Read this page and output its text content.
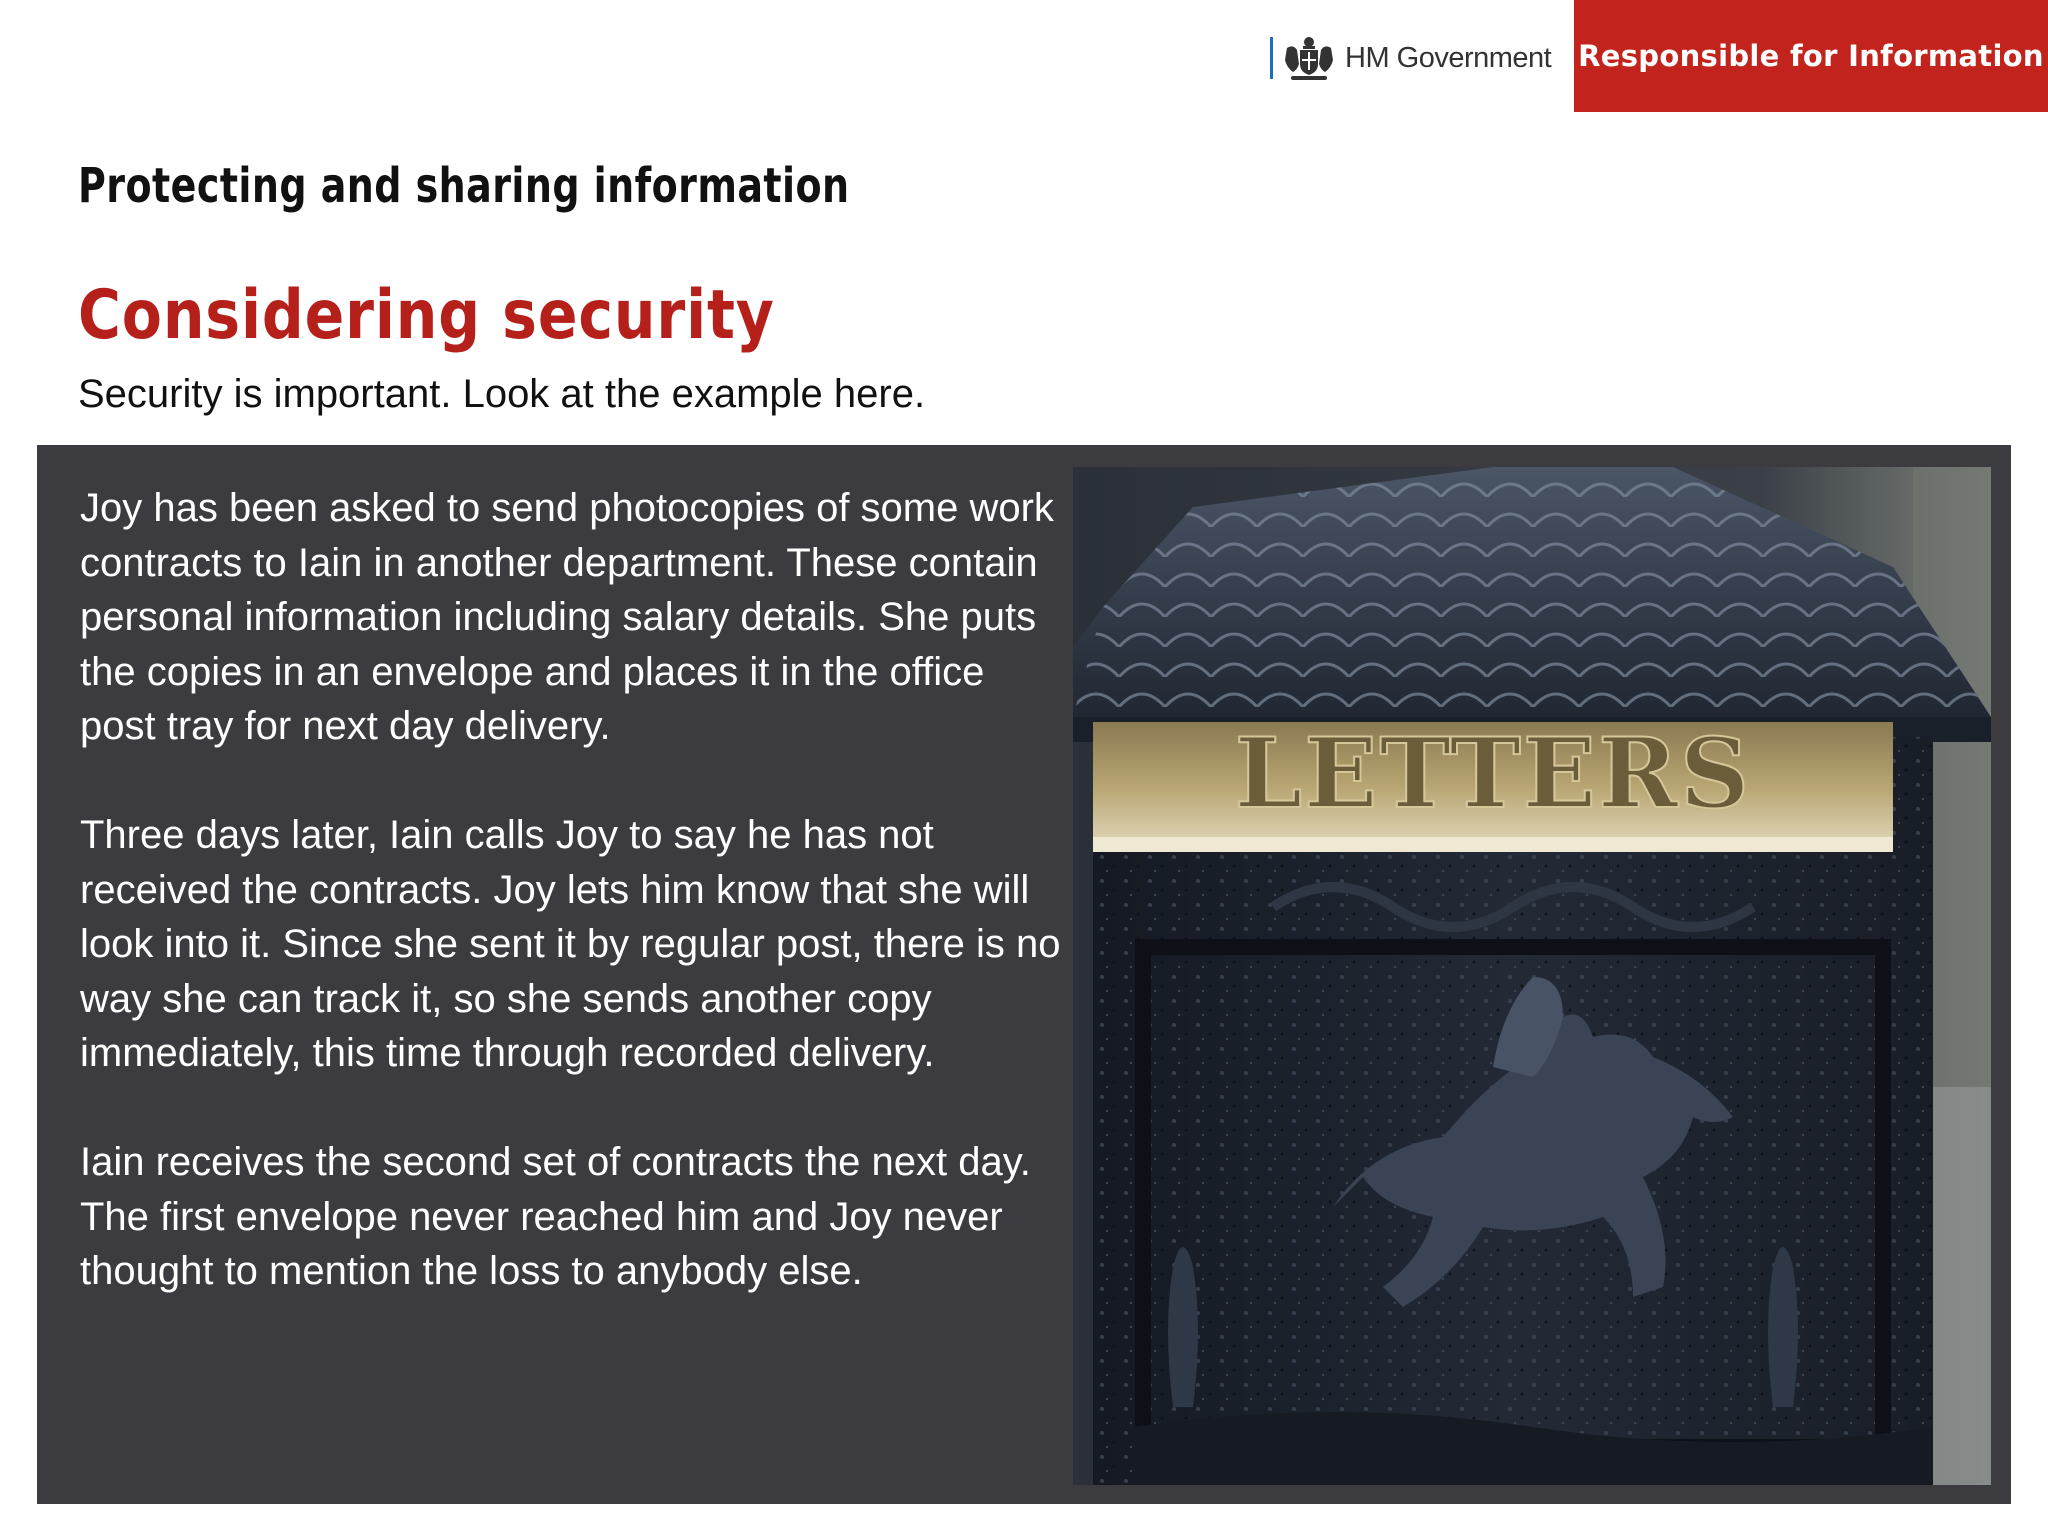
HM Government Responsible for Information
Protecting and sharing information
Considering security
Security is important. Look at the example here.

Joy has been asked to send photocopies of some work contracts to Iain in another department. These contain personal information including salary details. She puts the copies in an envelope and places it in the office post tray for next day delivery.

Three days later, Iain calls Joy to say he has not received the contracts. Joy lets him know that she will look into it. Since she sent it by regular post, there is no way she can track it, so she sends another copy immediately, this time through recorded delivery.

Iain receives the second set of contracts the next day. The first envelope never reached him and Joy never thought to mention the loss to anybody else.

LETTERS
